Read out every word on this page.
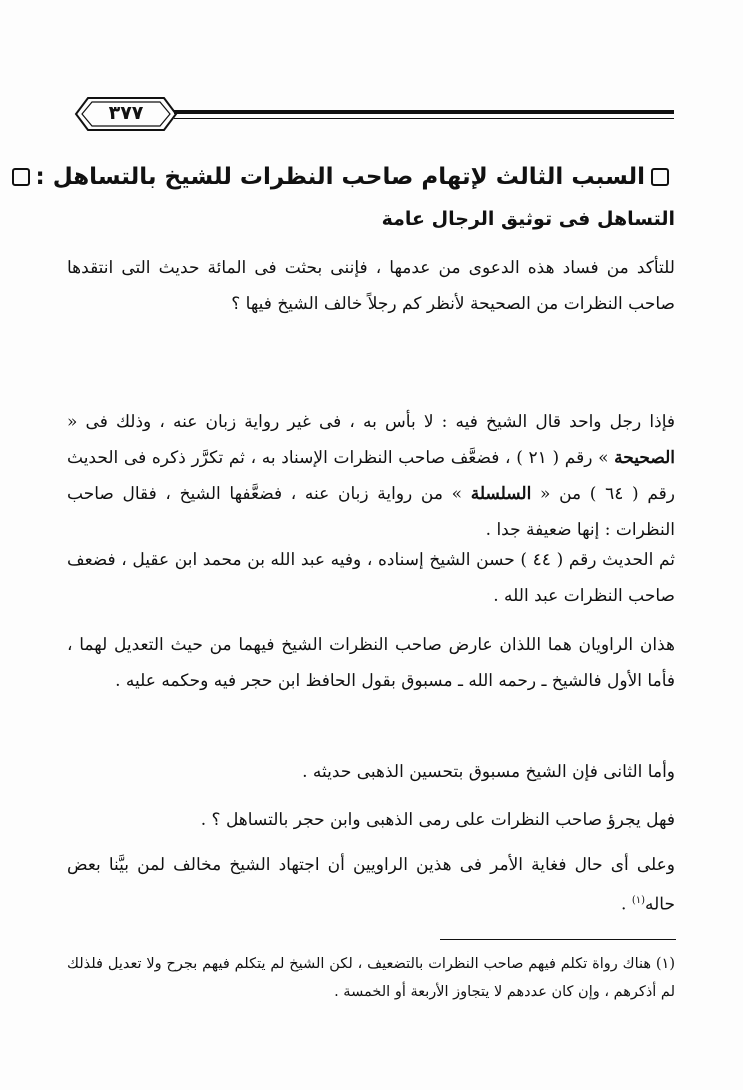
٣٧٧
السبب الثالث لإتهام صاحب النظرات للشيخ بالتساهل :
التساهل فى توثيق الرجال عامة
للتأكد من فساد هذه الدعوى من عدمها ، فإننى بحثت فى المائة حديث التى انتقدها صاحب النظرات من الصحيحة لأنظر كم رجلاً خالف الشيخ فيها ؟
فإذا رجل واحد قال الشيخ فيه : لا بأس به ، فى غير رواية زبان عنه ، وذلك فى « الصحيحة » رقم ( ٢١ ) ، فضعَّف صاحب النظرات الإسناد به ، ثم تكرَّر ذكره فى الحديث رقم ( ٦٤ ) من « السلسلة » من رواية زبان عنه ، فضعَّفها الشيخ ، فقال صاحب النظرات : إنها ضعيفة جدا .
ثم الحديث رقم ( ٤٤ ) حسن الشيخ إسناده ، وفيه عبد الله بن محمد ابن عقيل ، فضعف صاحب النظرات عبد الله .
هذان الراويان هما اللذان عارض صاحب النظرات الشيخ فيهما من حيث التعديل لهما ، فأما الأول فالشيخ ـ رحمه الله ـ مسبوق بقول الحافظ ابن حجر فيه وحكمه عليه .
وأما الثانى فإن الشيخ مسبوق بتحسين الذهبى حديثه .
فهل يجرؤ صاحب النظرات على رمى الذهبى وابن حجر بالتساهل ؟ .
وعلى أى حال فغاية الأمر فى هذين الراويين أن اجتهاد الشيخ مخالف لمن بيَّنا بعض حاله$^{(١)}$ .
(١) هناك رواة تكلم فيهم صاحب النظرات بالتضعيف ، لكن الشيخ لم يتكلم فيهم بجرح ولا تعديل فلذلك لم أذكرهم ، وإن كان عددهم لا يتجاوز الأربعة أو الخمسة .
